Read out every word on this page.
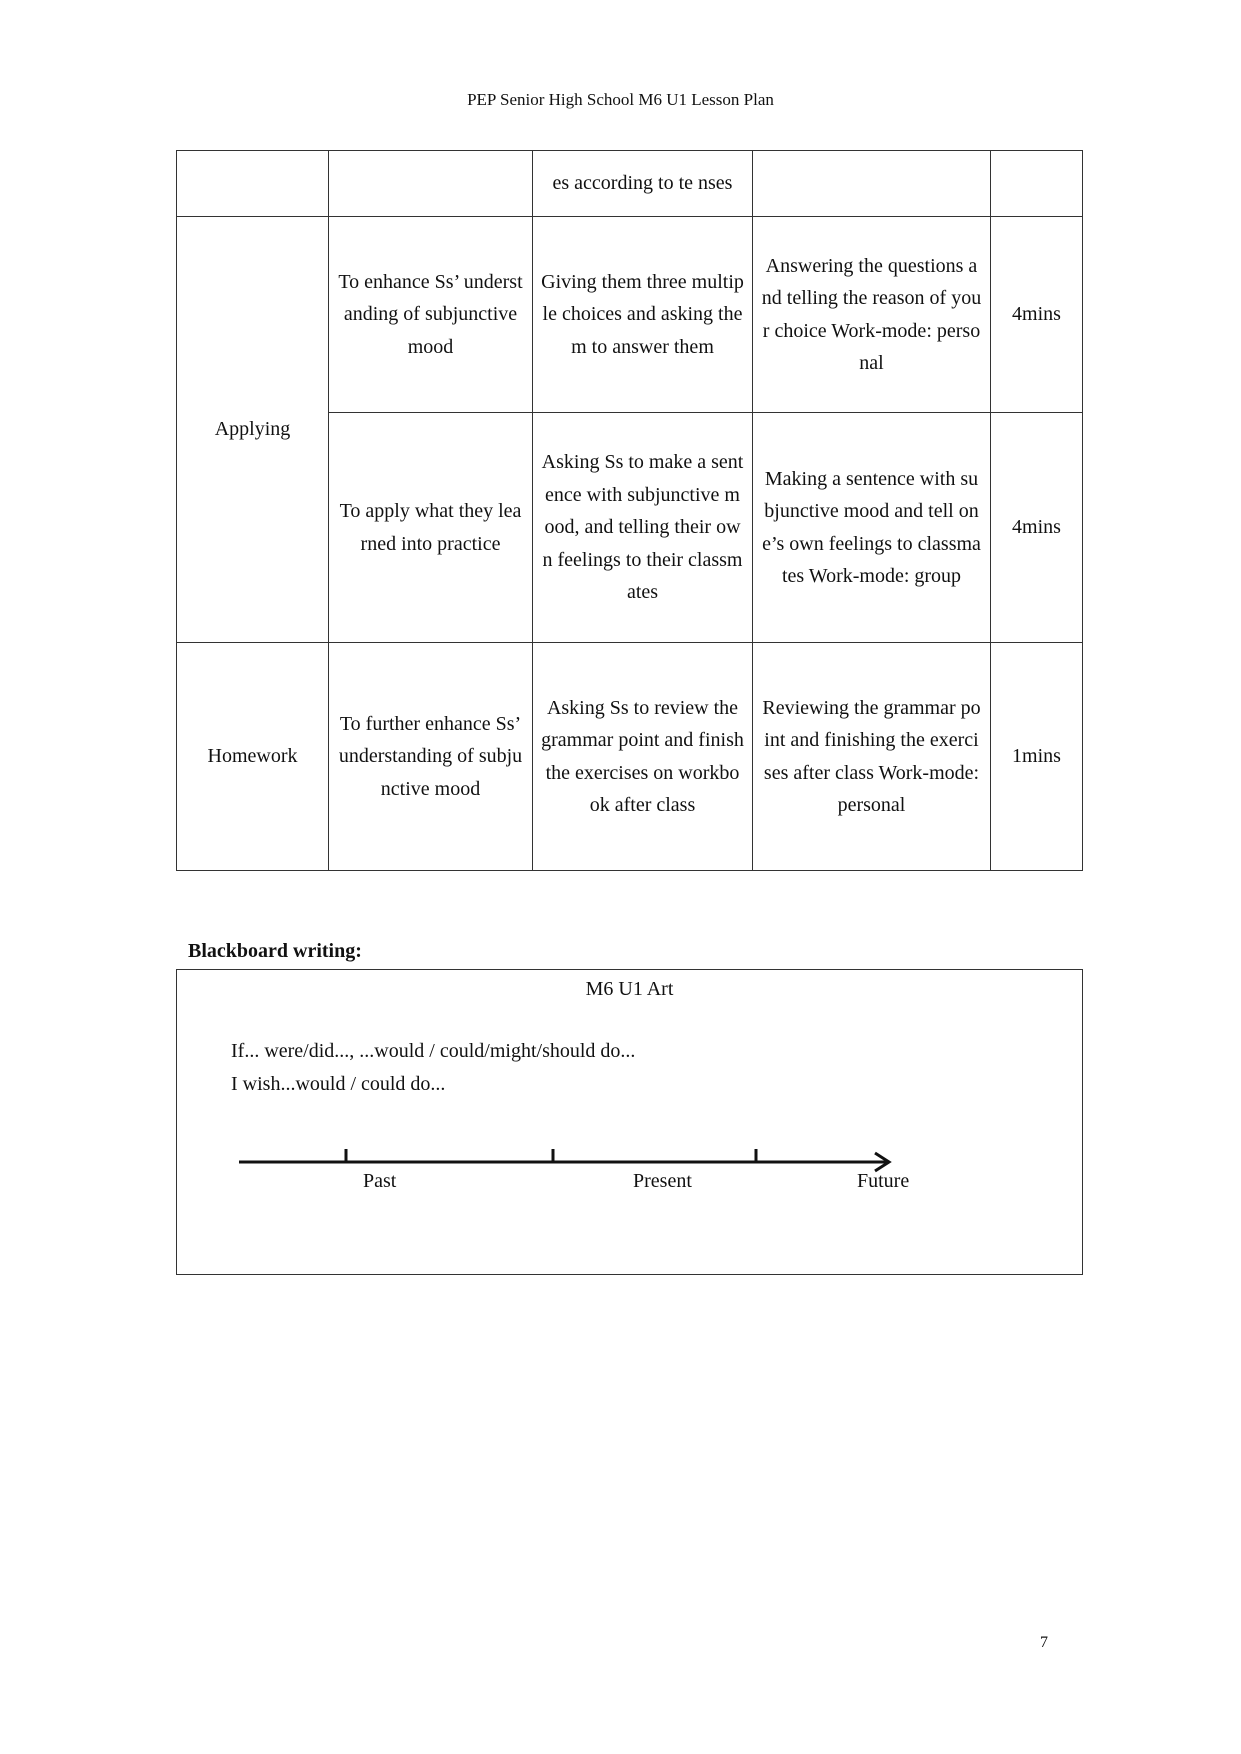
PEP Senior High School M6 U1 Lesson Plan
		es according to te nses		
Applying	To enhance Ss’ understanding of subjunctive mood	Giving them three multiple choices and asking them to answer them	Answering the questions and telling the reason of your choice Work-mode: personal	4mins
	To apply what they learned into practice	Asking Ss to make a sentence with subjunctive mood, and telling their own feelings to their classmates	Making a sentence with subjunctive mood and tell one’s own feelings to classmates Work-mode: group	4mins
Homework	To further enhance Ss’ understanding of subjunctive mood	Asking Ss to review the grammar point and finish the exercises on workbook after class	Reviewing the grammar point and finishing the exercises after class Work-mode: personal	1mins
Blackboard writing:
M6 U1 Art
If... were/did..., ...would / could/might/should do...
I wish...would / could do...
Past	Present	Future
7
